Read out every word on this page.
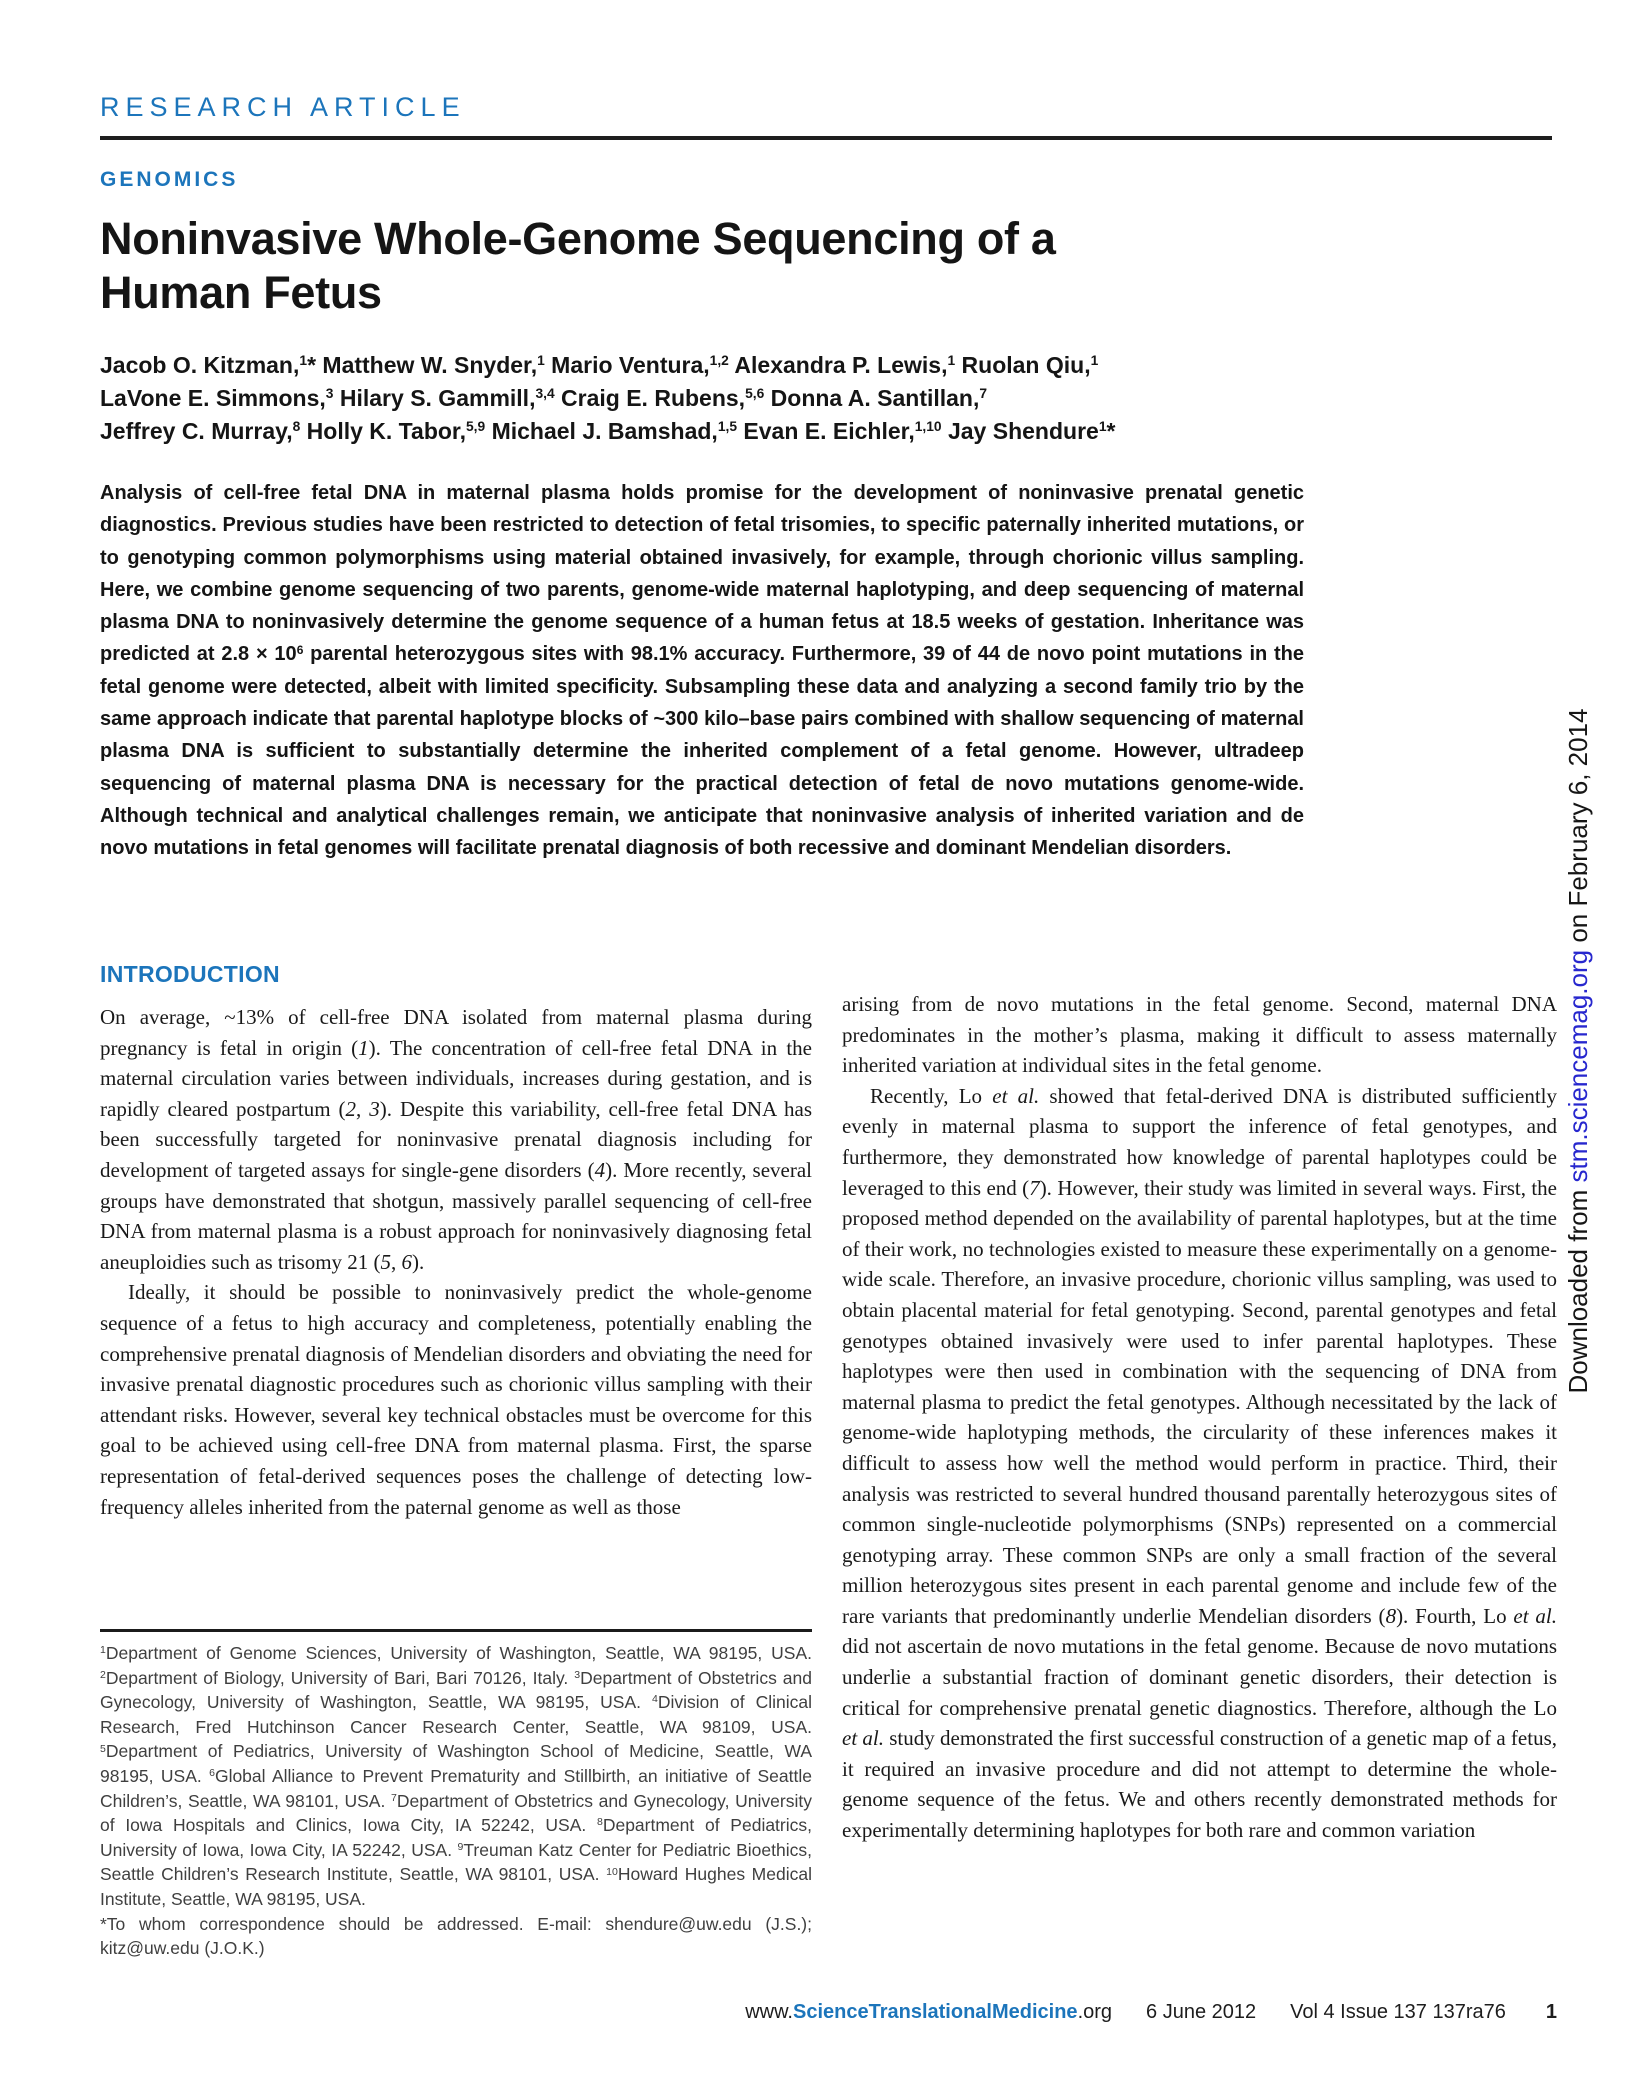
RESEARCH ARTICLE
GENOMICS
Noninvasive Whole-Genome Sequencing of a
Human Fetus
Jacob O. Kitzman,$^1$* Matthew W. Snyder,$^1$ Mario Ventura,$^{1,2}$ Alexandra P. Lewis,$^1$ Ruolan Qiu,$^1$
LaVone E. Simmons,$^3$ Hilary S. Gammill,$^{3,4}$ Craig E. Rubens,$^{5,6}$ Donna A. Santillan,$^7$
Jeffrey C. Murray,$^8$ Holly K. Tabor,$^{5,9}$ Michael J. Bamshad,$^{1,5}$ Evan E. Eichler,$^{1,10}$ Jay Shendure$^1$*

Analysis of cell-free fetal DNA in maternal plasma holds promise for the development of noninvasive prenatal genetic diagnostics. Previous studies have been restricted to detection of fetal trisomies, to specific paternally inherited mutations, or to genotyping common polymorphisms using material obtained invasively, for example, through chorionic villus sampling. Here, we combine genome sequencing of two parents, genome-wide maternal haplotyping, and deep sequencing of maternal plasma DNA to noninvasively determine the genome sequence of a human fetus at 18.5 weeks of gestation. Inheritance was predicted at $2.8 \times 10^6$ parental heterozygous sites with 98.1% accuracy. Furthermore, 39 of 44 de novo point mutations in the fetal genome were detected, albeit with limited specificity. Subsampling these data and analyzing a second family trio by the same approach indicate that parental haplotype blocks of ~300 kilo–base pairs combined with shallow sequencing of maternal plasma DNA is sufficient to substantially determine the inherited complement of a fetal genome. However, ultradeep sequencing of maternal plasma DNA is necessary for the practical detection of fetal de novo mutations genome-wide. Although technical and analytical challenges remain, we anticipate that noninvasive analysis of inherited variation and de novo mutations in fetal genomes will facilitate prenatal diagnosis of both recessive and dominant Mendelian disorders.

INTRODUCTION

On average, ~13% of cell-free DNA isolated from maternal plasma during pregnancy is fetal in origin (1). The concentration of cell-free fetal DNA in the maternal circulation varies between individuals, increases during gestation, and is rapidly cleared postpartum (2, 3). Despite this variability, cell-free fetal DNA has been successfully targeted for noninvasive prenatal diagnosis including for development of targeted assays for single-gene disorders (4). More recently, several groups have demonstrated that shotgun, massively parallel sequencing of cell-free DNA from maternal plasma is a robust approach for noninvasively diagnosing fetal aneuploidies such as trisomy 21 (5, 6).

Ideally, it should be possible to noninvasively predict the whole-genome sequence of a fetus to high accuracy and completeness, potentially enabling the comprehensive prenatal diagnosis of Mendelian disorders and obviating the need for invasive prenatal diagnostic procedures such as chorionic villus sampling with their attendant risks. However, several key technical obstacles must be overcome for this goal to be achieved using cell-free DNA from maternal plasma. First, the sparse representation of fetal-derived sequences poses the challenge of detecting low-frequency alleles inherited from the paternal genome as well as those

arising from de novo mutations in the fetal genome. Second, maternal DNA predominates in the mother’s plasma, making it difficult to assess maternally inherited variation at individual sites in the fetal genome.

Recently, Lo et al. showed that fetal-derived DNA is distributed sufficiently evenly in maternal plasma to support the inference of fetal genotypes, and furthermore, they demonstrated how knowledge of parental haplotypes could be leveraged to this end (7). However, their study was limited in several ways. First, the proposed method depended on the availability of parental haplotypes, but at the time of their work, no technologies existed to measure these experimentally on a genome-wide scale. Therefore, an invasive procedure, chorionic villus sampling, was used to obtain placental material for fetal genotyping. Second, parental genotypes and fetal genotypes obtained invasively were used to infer parental haplotypes. These haplotypes were then used in combination with the sequencing of DNA from maternal plasma to predict the fetal genotypes. Although necessitated by the lack of genome-wide haplotyping methods, the circularity of these inferences makes it difficult to assess how well the method would perform in practice. Third, their analysis was restricted to several hundred thousand parentally heterozygous sites of common single-nucleotide polymorphisms (SNPs) represented on a commercial genotyping array. These common SNPs are only a small fraction of the several million heterozygous sites present in each parental genome and include few of the rare variants that predominantly underlie Mendelian disorders (8). Fourth, Lo et al. did not ascertain de novo mutations in the fetal genome. Because de novo mutations underlie a substantial fraction of dominant genetic disorders, their detection is critical for comprehensive prenatal genetic diagnostics. Therefore, although the Lo et al. study demonstrated the first successful construction of a genetic map of a fetus, it required an invasive procedure and did not attempt to determine the whole-genome sequence of the fetus. We and others recently demonstrated methods for experimentally determining haplotypes for both rare and common variation

$^1$Department of Genome Sciences, University of Washington, Seattle, WA 98195, USA. $^2$Department of Biology, University of Bari, Bari 70126, Italy. $^3$Department of Obstetrics and Gynecology, University of Washington, Seattle, WA 98195, USA. $^4$Division of Clinical Research, Fred Hutchinson Cancer Research Center, Seattle, WA 98109, USA. $^5$Department of Pediatrics, University of Washington School of Medicine, Seattle, WA 98195, USA. $^6$Global Alliance to Prevent Prematurity and Stillbirth, an initiative of Seattle Children’s, Seattle, WA 98101, USA. $^7$Department of Obstetrics and Gynecology, University of Iowa Hospitals and Clinics, Iowa City, IA 52242, USA. $^8$Department of Pediatrics, University of Iowa, Iowa City, IA 52242, USA. $^9$Treuman Katz Center for Pediatric Bioethics, Seattle Children’s Research Institute, Seattle, WA 98101, USA. $^{10}$Howard Hughes Medical Institute, Seattle, WA 98195, USA.

*To whom correspondence should be addressed. E-mail: shendure@uw.edu (J.S.); kitz@uw.edu (J.O.K.)

www.ScienceTranslationalMedicine.org 6 June 2012 Vol 4 Issue 137 137ra76 1
Downloaded from stm.sciencemag.org on February 6, 2014
